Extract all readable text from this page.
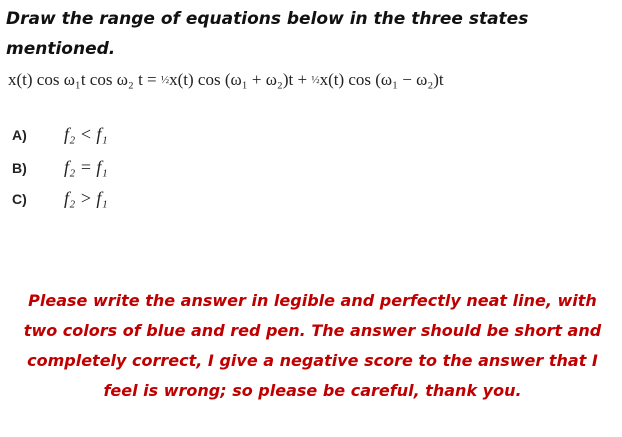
Draw the range of equations below in the three states mentioned.
x(t) cos ω₁t cos ω₂ t = ½x(t) cos (ω₁ + ω₂)t + ½x(t) cos (ω₁ − ω₂)t
A) f₂ < f₁
B) f₂ = f₁
C) f₂ > f₁
Please write the answer in legible and perfectly neat line, with two colors of blue and red pen. The answer should be short and completely correct, I give a negative score to the answer that I feel is wrong; so please be careful, thank you.
